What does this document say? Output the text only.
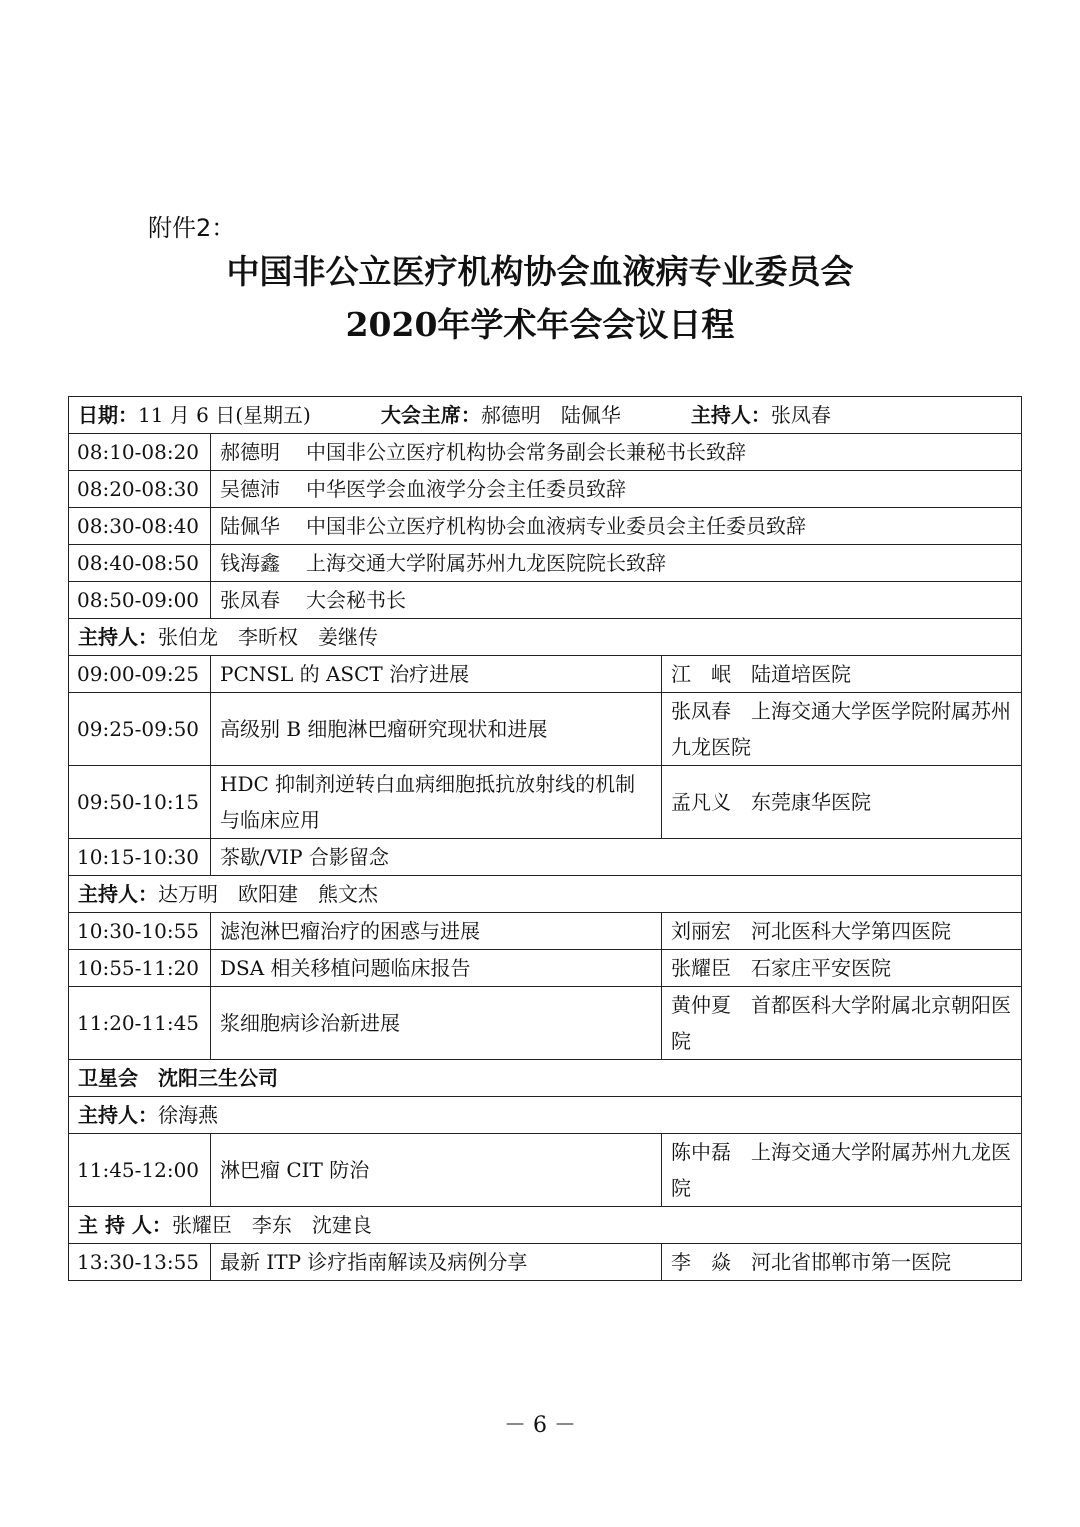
附件2：
中国非公立医疗机构协会血液病专业委员会
2020年学术年会会议日程
日期：11 月 6 日(星期五) 大会主席：郝德明　陆佩华 主持人：张凤春		
08:10-08:20	郝德明 中国非公立医疗机构协会常务副会长兼秘书长致辞	
08:20-08:30	吴德沛 中华医学会血液学分会主任委员致辞	
08:30-08:40	陆佩华 中国非公立医疗机构协会血液病专业委员会主任委员致辞	
08:40-08:50	钱海鑫 上海交通大学附属苏州九龙医院院长致辞	
08:50-09:00	张凤春 大会秘书长	
主持人：张伯龙　李昕权　姜继传		
09:00-09:25	PCNSL 的 ASCT 治疗进展	江　岷　陆道培医院
09:25-09:50	高级别 B 细胞淋巴瘤研究现状和进展	张凤春　上海交通大学医学院附属苏州九龙医院
09:50-10:15	HDC 抑制剂逆转白血病细胞抵抗放射线的机制与临床应用	孟凡义　东莞康华医院
10:15-10:30	茶歇/VIP 合影留念	
主持人：达万明　欧阳建　熊文杰		
10:30-10:55	滤泡淋巴瘤治疗的困惑与进展	刘丽宏　河北医科大学第四医院
10:55-11:20	DSA 相关移植问题临床报告	张耀臣　石家庄平安医院
11:20-11:45	浆细胞病诊治新进展	黄仲夏　首都医科大学附属北京朝阳医院
卫星会　沈阳三生公司		
主持人：徐海燕		
11:45-12:00	淋巴瘤 CIT 防治	陈中磊　上海交通大学附属苏州九龙医院
主 持 人：张耀臣　李东　沈建良		
13:30-13:55	最新 ITP 诊疗指南解读及病例分享	李　焱　河北省邯郸市第一医院
－ 6 －
